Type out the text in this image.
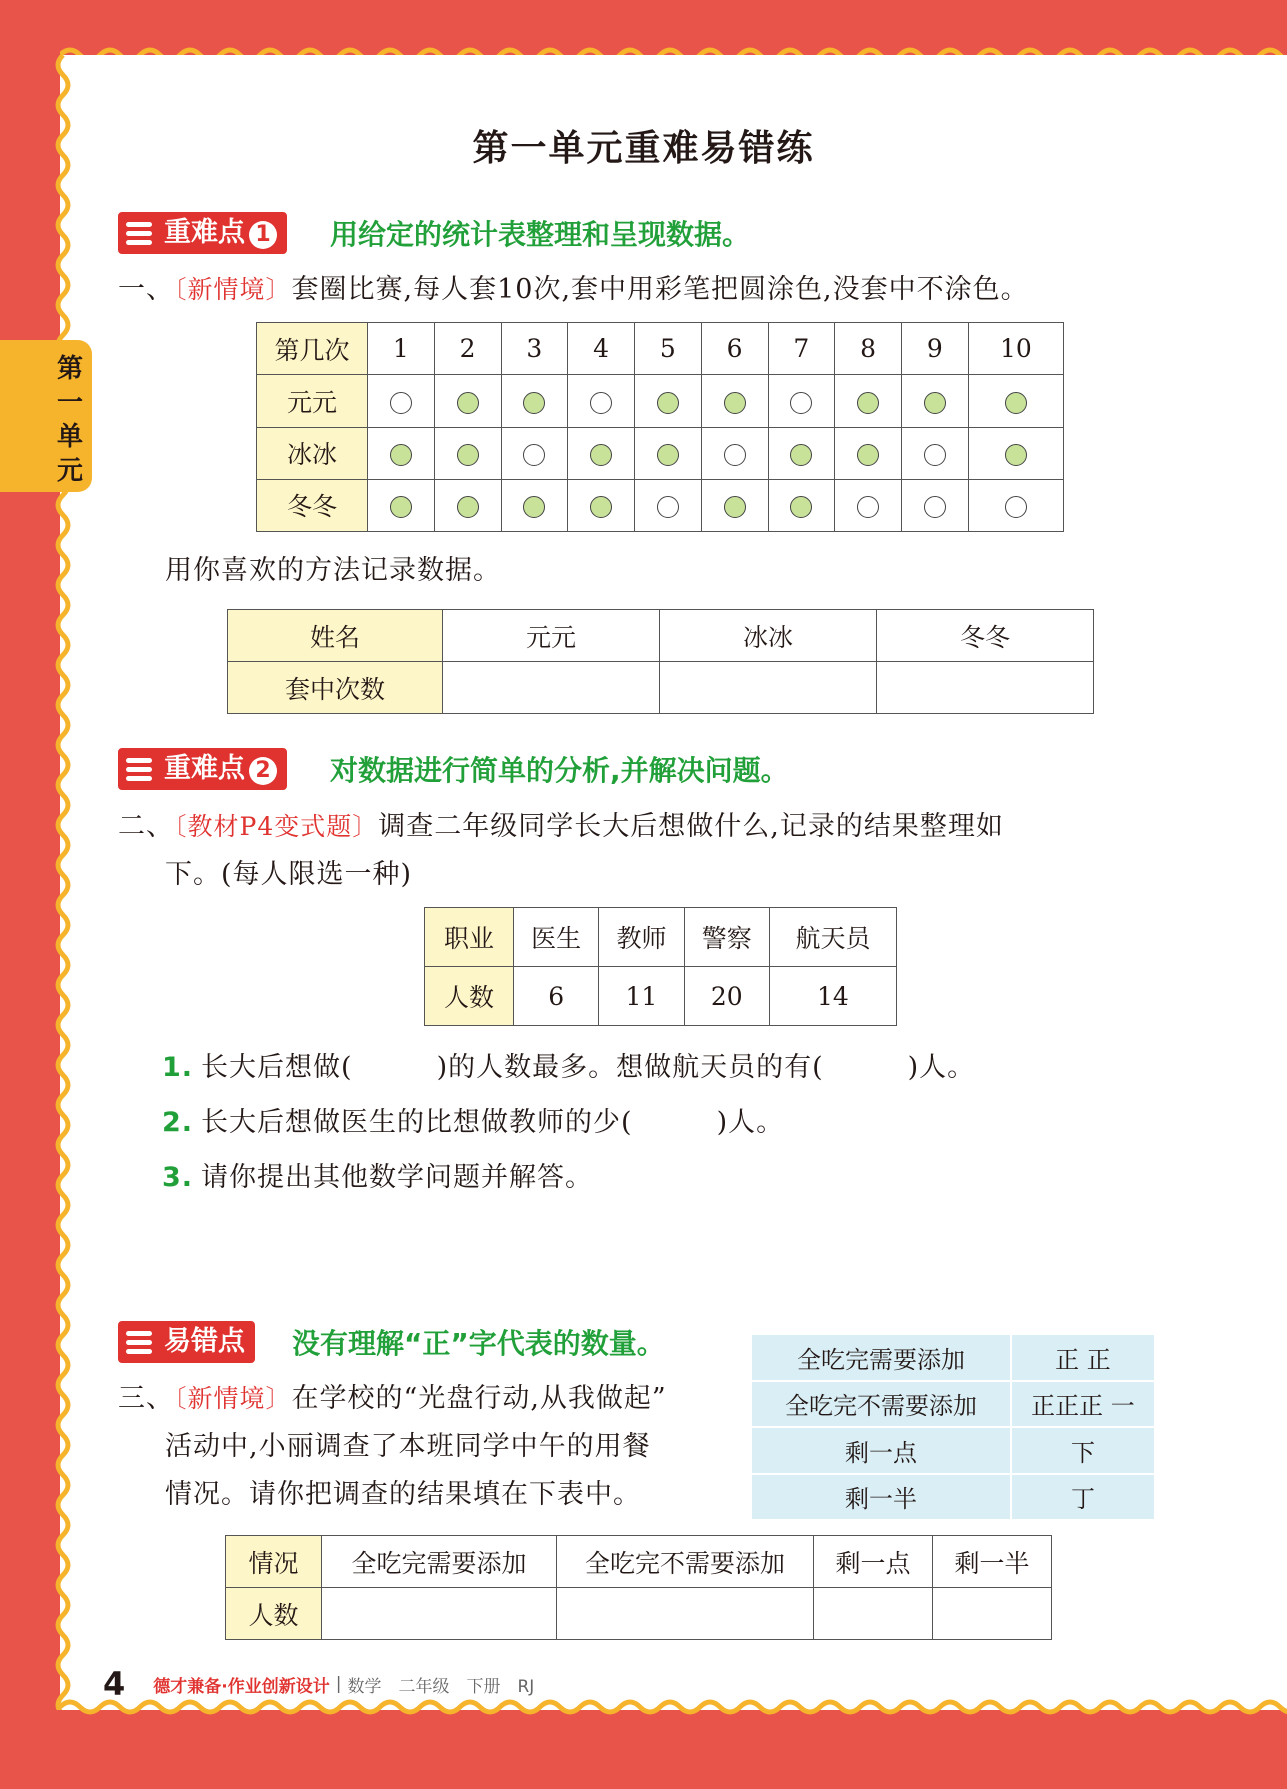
第一单元
第一单元重难易错练
重难点 1	用给定的统计表整理和呈现数据。
一、〔新情境〕套圈比赛,每人套10次,套中用彩笔把圆涂色,没套中不涂色。
第几次	1	2	3	4	5	6	7	8	9	10
元元										
冰冰										
冬冬										
用你喜欢的方法记录数据。
姓名	元元	冰冰	冬冬
套中次数			
重难点 2	对数据进行简单的分析,并解决问题。
二、〔教材P4变式题〕调查二年级同学长大后想做什么,记录的结果整理如
下。(每人限选一种)
职业	医生	教师	警察	航天员
人数	6	11	20	14
1. 长大后想做(　　　)的人数最多。想做航天员的有(　　　)人。
2. 长大后想做医生的比想做教师的少(　　　)人。
3. 请你提出其他数学问题并解答。
易错点 没有理解“正”字代表的数量。
三、〔新情境〕在学校的“光盘行动,从我做起”
活动中,小丽调查了本班同学中午的用餐
情况。请你把调查的结果填在下表中。
全吃完需要添加	正 正
全吃完不需要添加	正正正 一
剩一点	下
剩一半	丁
情况	全吃完需要添加	全吃完不需要添加	剩一点	剩一半
人数				
4 德才兼备·作业创新设计 | 数学　二年级　下册　RJ
